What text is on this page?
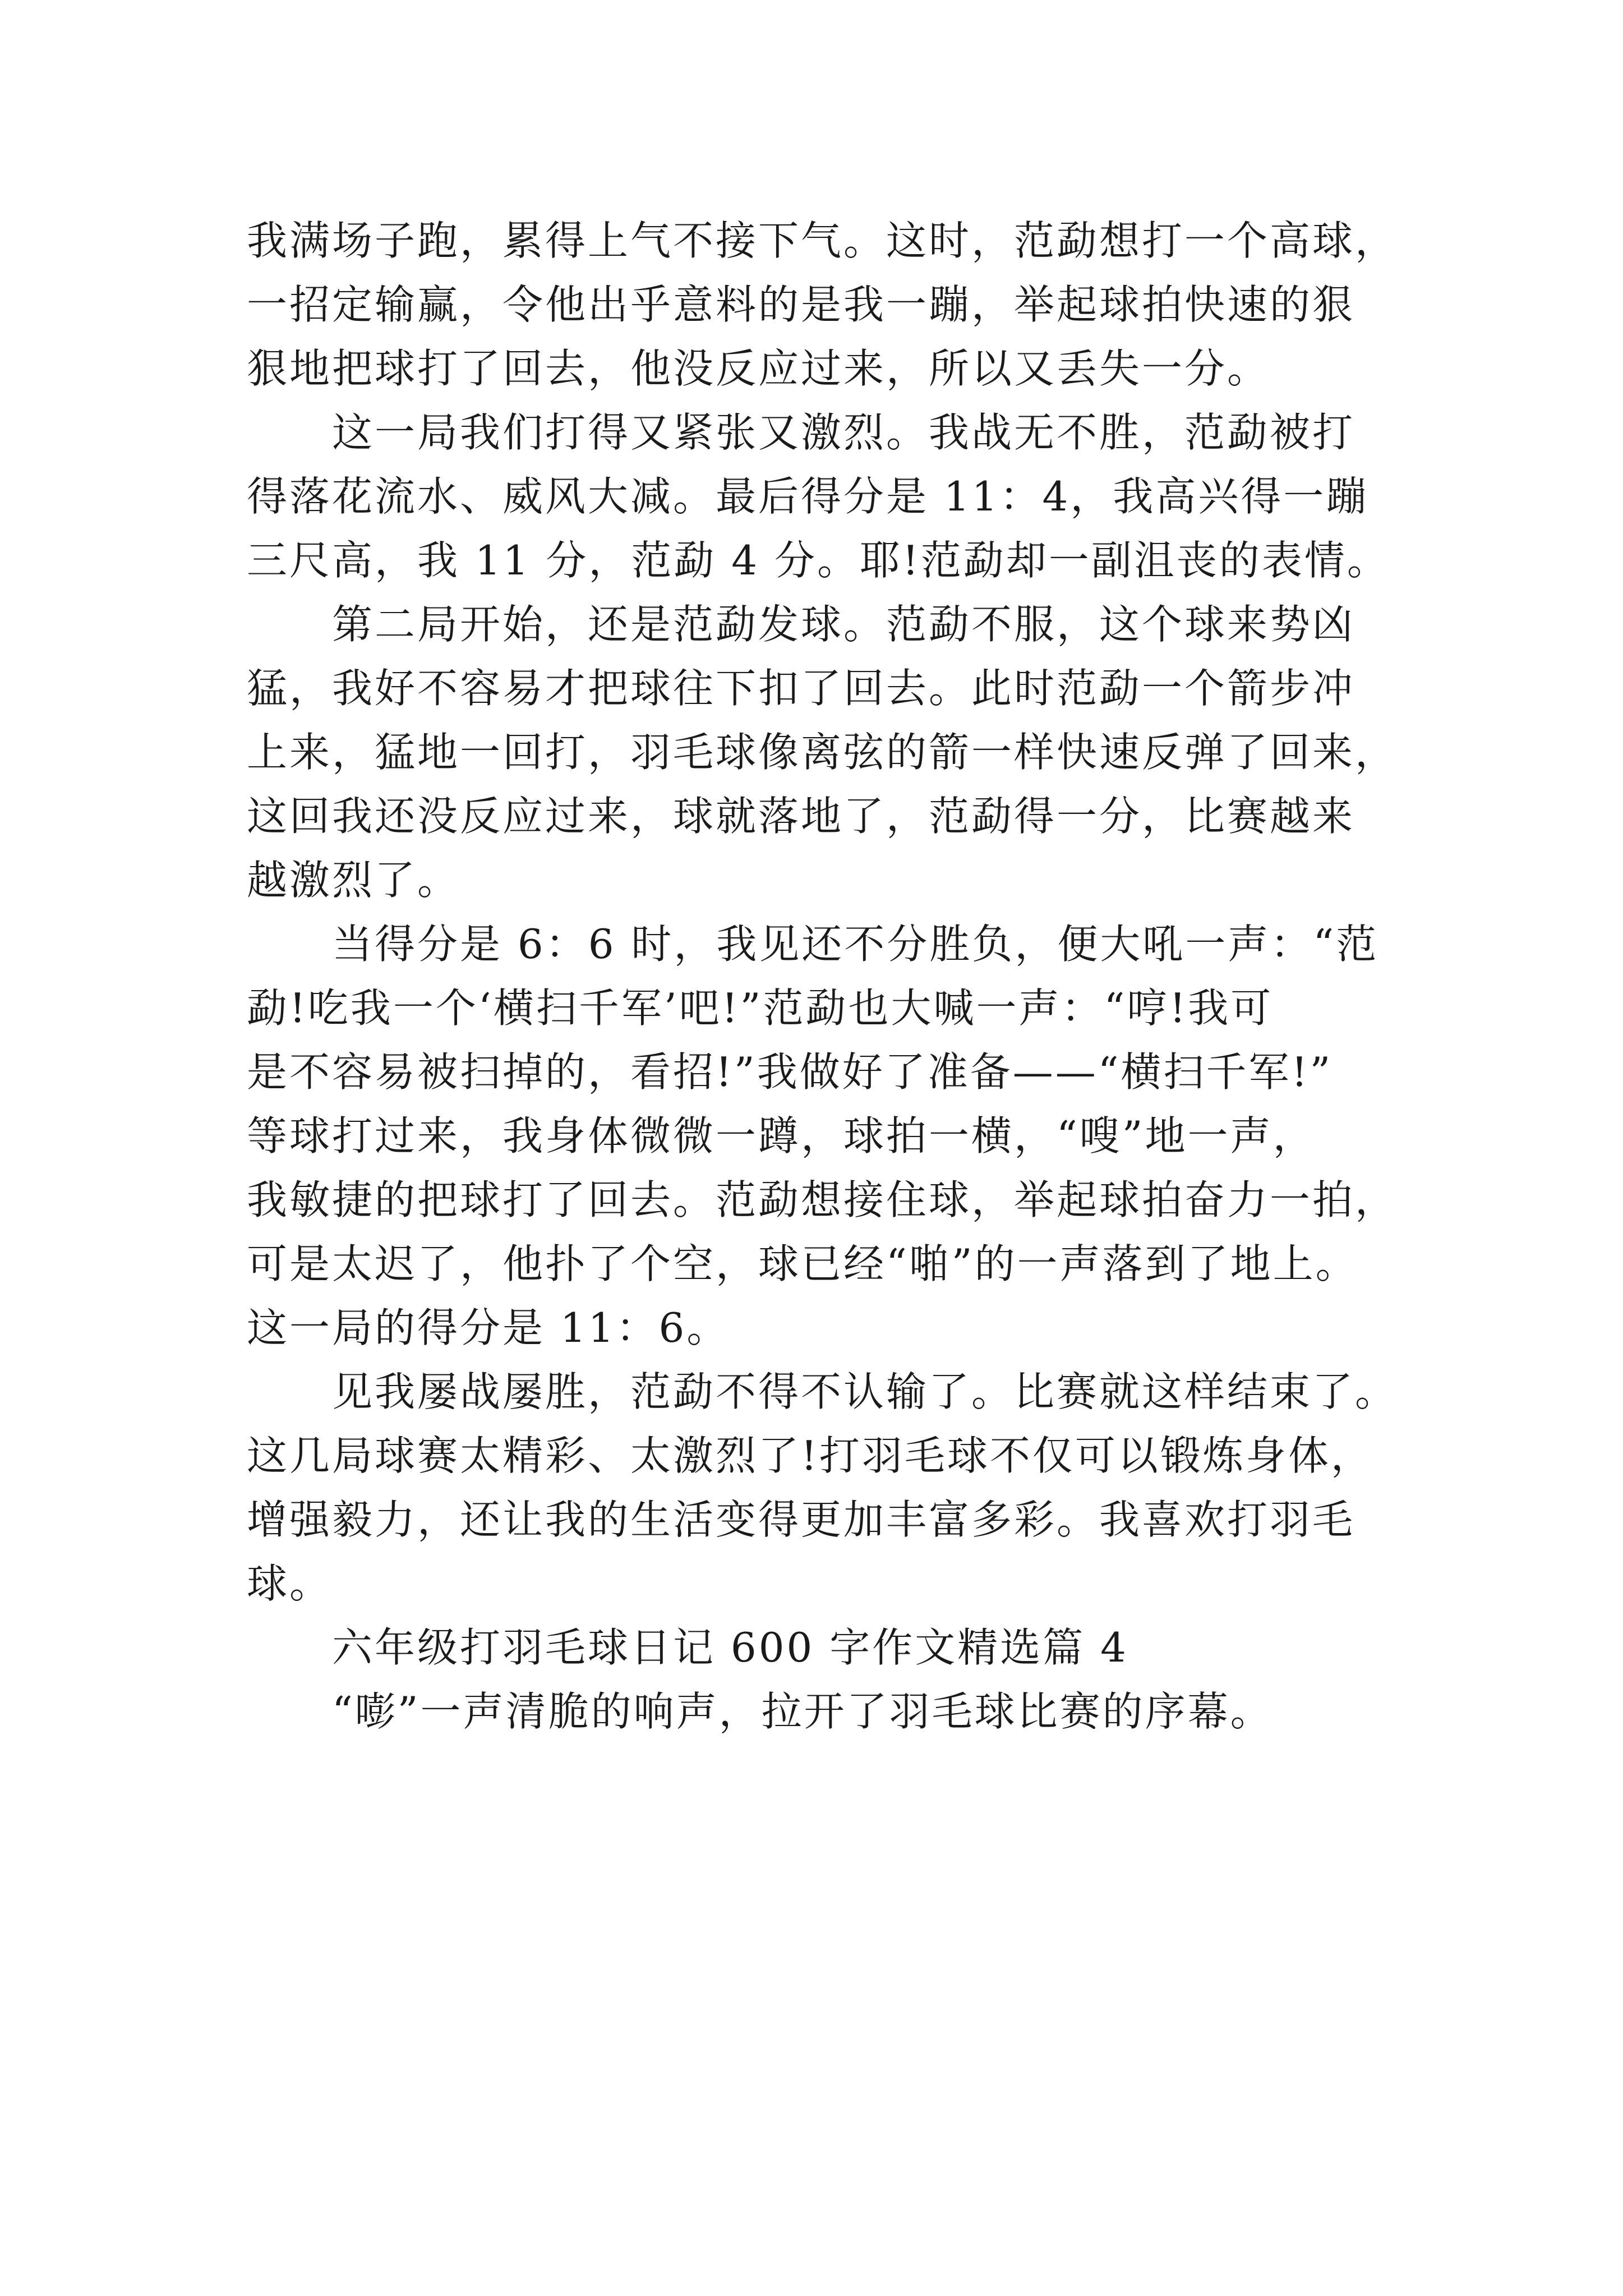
我满场子跑，累得上气不接下气。这时，范勐想打一个高球，
一招定输赢，令他出乎意料的是我一蹦，举起球拍快速的狠
狠地把球打了回去，他没反应过来，所以又丢失一分。
这一局我们打得又紧张又激烈。我战无不胜，范勐被打
得落花流水、威风大减。最后得分是 11：4，我高兴得一蹦
三尺高，我 11 分，范勐 4 分。耶!范勐却一副沮丧的表情。
第二局开始，还是范勐发球。范勐不服，这个球来势凶
猛，我好不容易才把球往下扣了回去。此时范勐一个箭步冲
上来，猛地一回打，羽毛球像离弦的箭一样快速反弹了回来，
这回我还没反应过来，球就落地了，范勐得一分，比赛越来
越激烈了。
当得分是 6：6 时，我见还不分胜负，便大吼一声：“范
勐!吃我一个‘横扫千军’吧!”范勐也大喊一声：“哼!我可
是不容易被扫掉的，看招!”我做好了准备——“横扫千军!”
等球打过来，我身体微微一蹲，球拍一横，“嗖”地一声，
我敏捷的把球打了回去。范勐想接住球，举起球拍奋力一拍，
可是太迟了，他扑了个空，球已经“啪”的一声落到了地上。
这一局的得分是 11：6。
见我屡战屡胜，范勐不得不认输了。比赛就这样结束了。
这几局球赛太精彩、太激烈了!打羽毛球不仅可以锻炼身体，
增强毅力，还让我的生活变得更加丰富多彩。我喜欢打羽毛
球。
六年级打羽毛球日记 600 字作文精选篇 4
“嘭”一声清脆的响声，拉开了羽毛球比赛的序幕。
